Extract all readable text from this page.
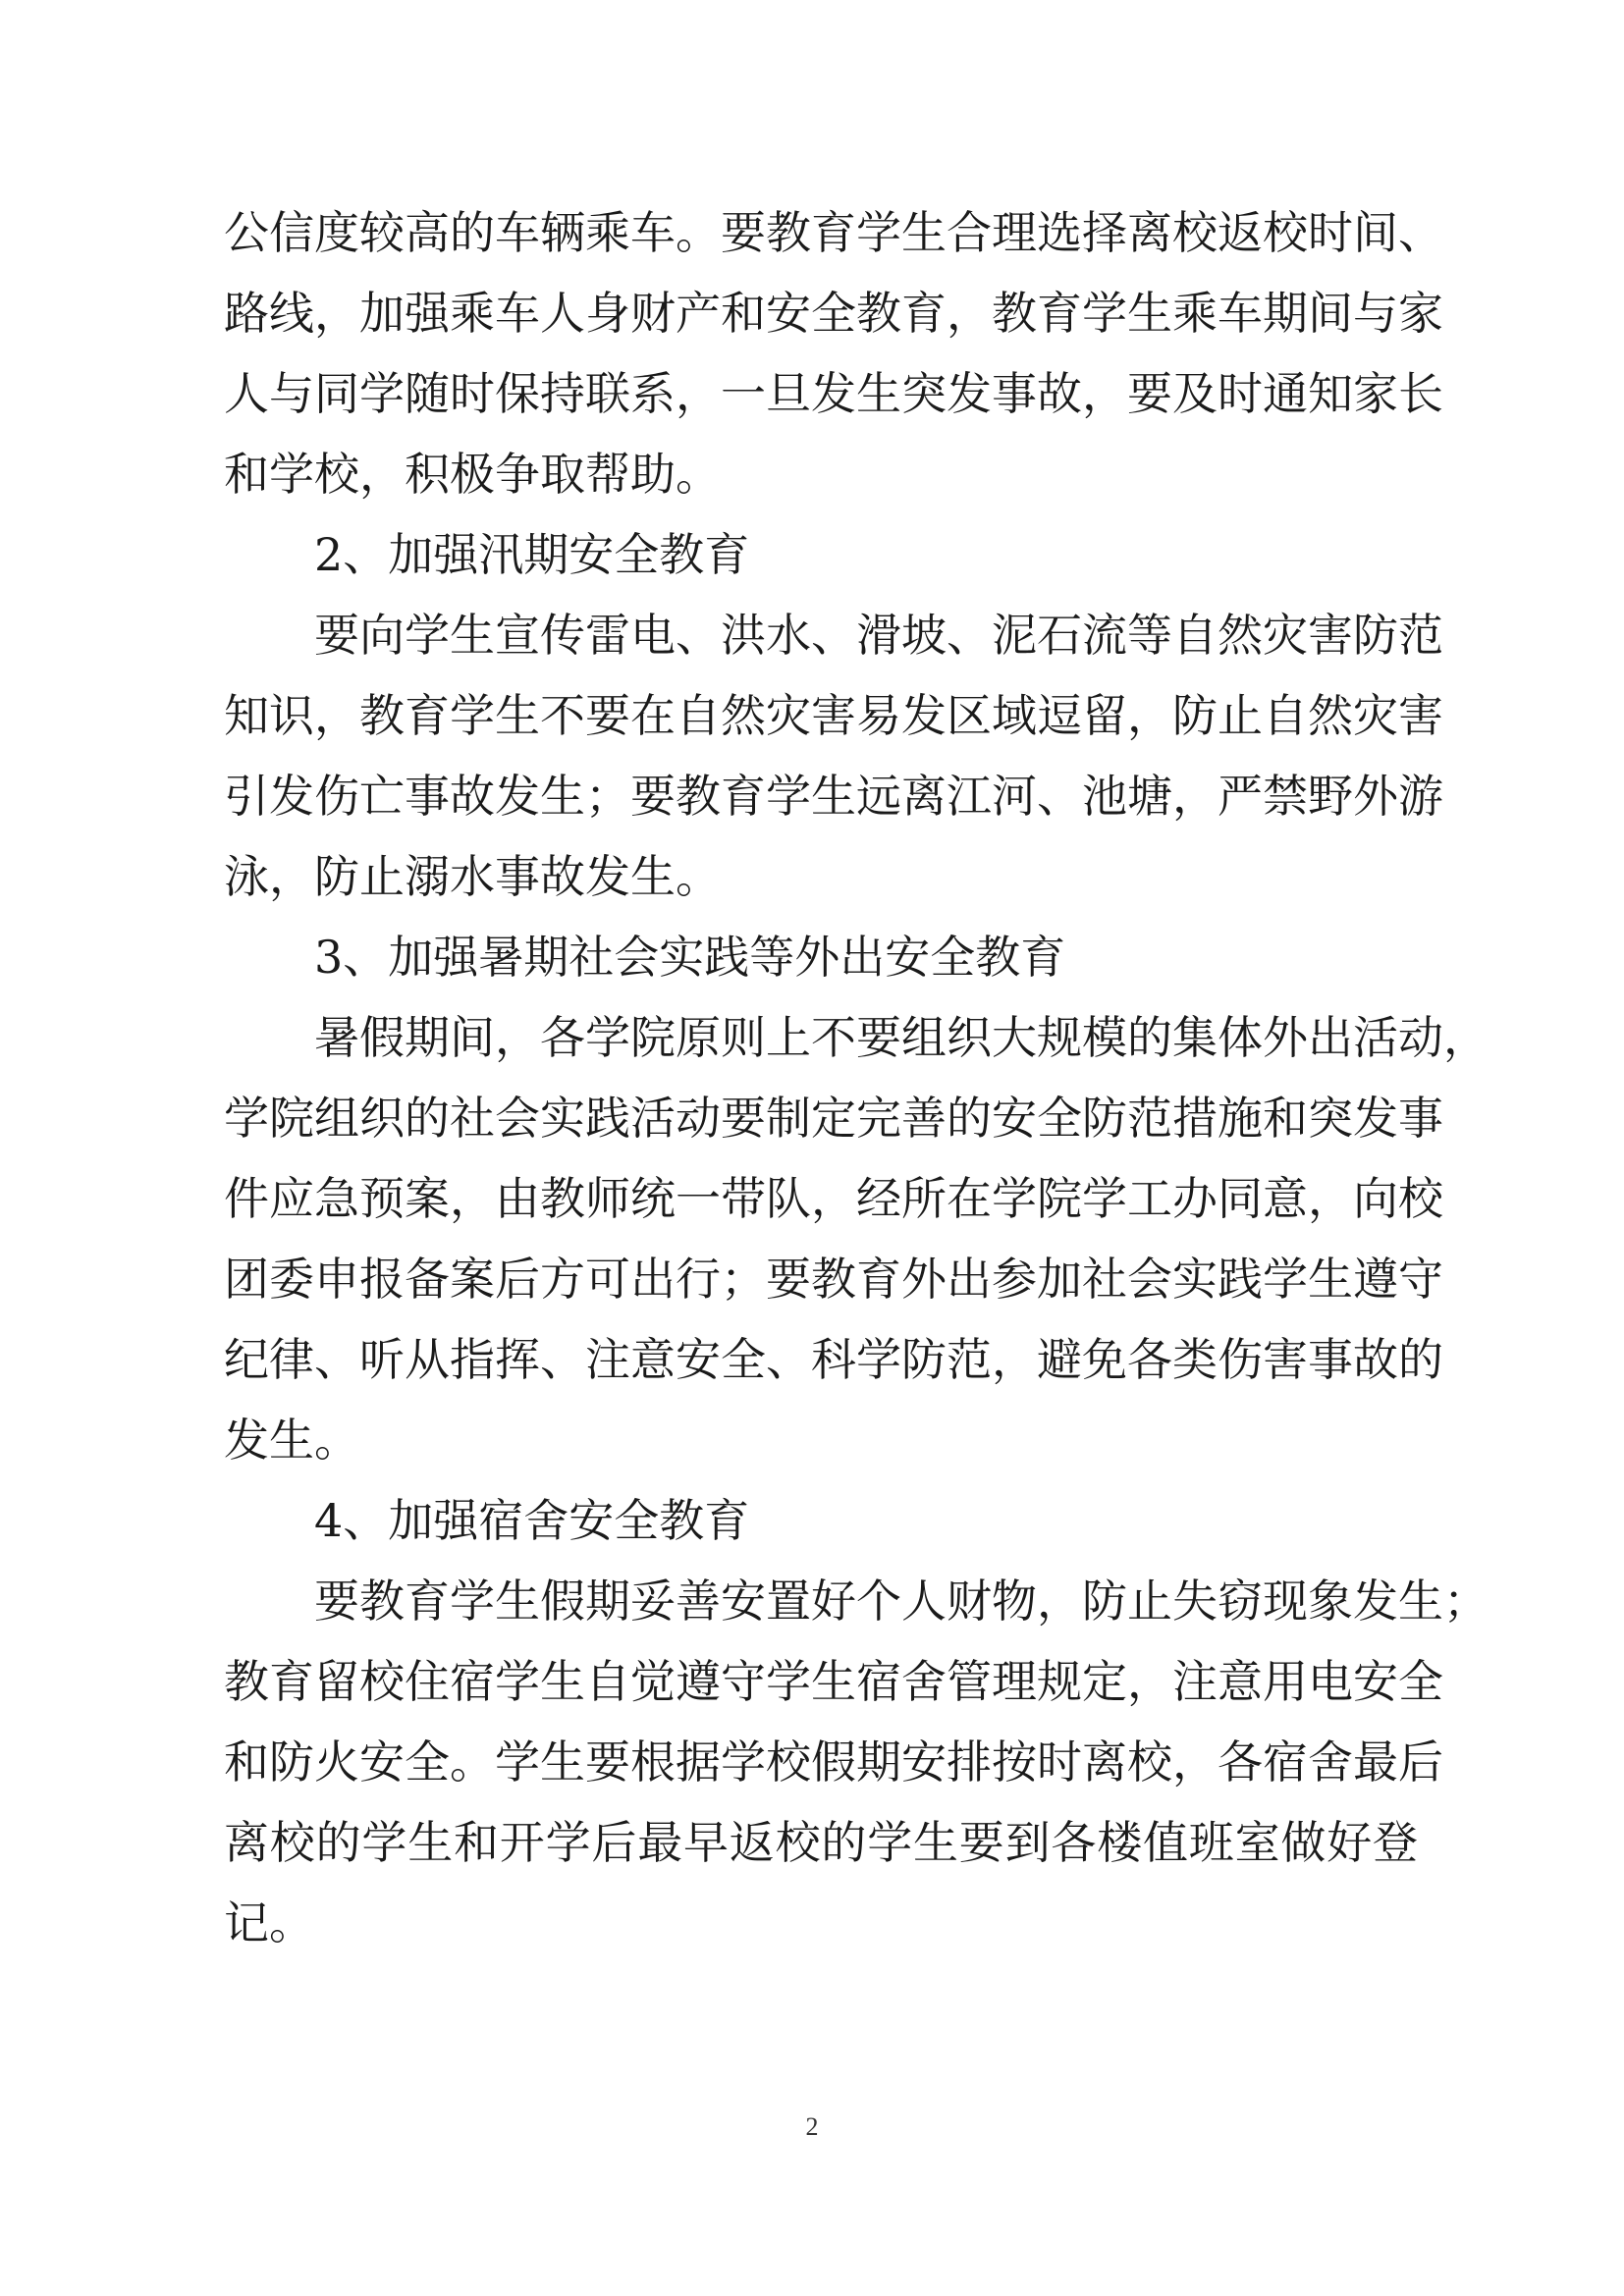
公信度较高的车辆乘车。要教育学生合理选择离校返校时间、
路线，加强乘车人身财产和安全教育，教育学生乘车期间与家
人与同学随时保持联系，一旦发生突发事故，要及时通知家长
和学校，积极争取帮助。
2、加强汛期安全教育
要向学生宣传雷电、洪水、滑坡、泥石流等自然灾害防范
知识，教育学生不要在自然灾害易发区域逗留，防止自然灾害
引发伤亡事故发生；要教育学生远离江河、池塘，严禁野外游
泳，防止溺水事故发生。
3、加强暑期社会实践等外出安全教育
暑假期间，各学院原则上不要组织大规模的集体外出活动，
学院组织的社会实践活动要制定完善的安全防范措施和突发事
件应急预案，由教师统一带队，经所在学院学工办同意，向校
团委申报备案后方可出行；要教育外出参加社会实践学生遵守
纪律、听从指挥、注意安全、科学防范，避免各类伤害事故的
发生。
4、加强宿舍安全教育
要教育学生假期妥善安置好个人财物，防止失窃现象发生；
教育留校住宿学生自觉遵守学生宿舍管理规定，注意用电安全
和防火安全。学生要根据学校假期安排按时离校，各宿舍最后
离校的学生和开学后最早返校的学生要到各楼值班室做好登
记。
2
